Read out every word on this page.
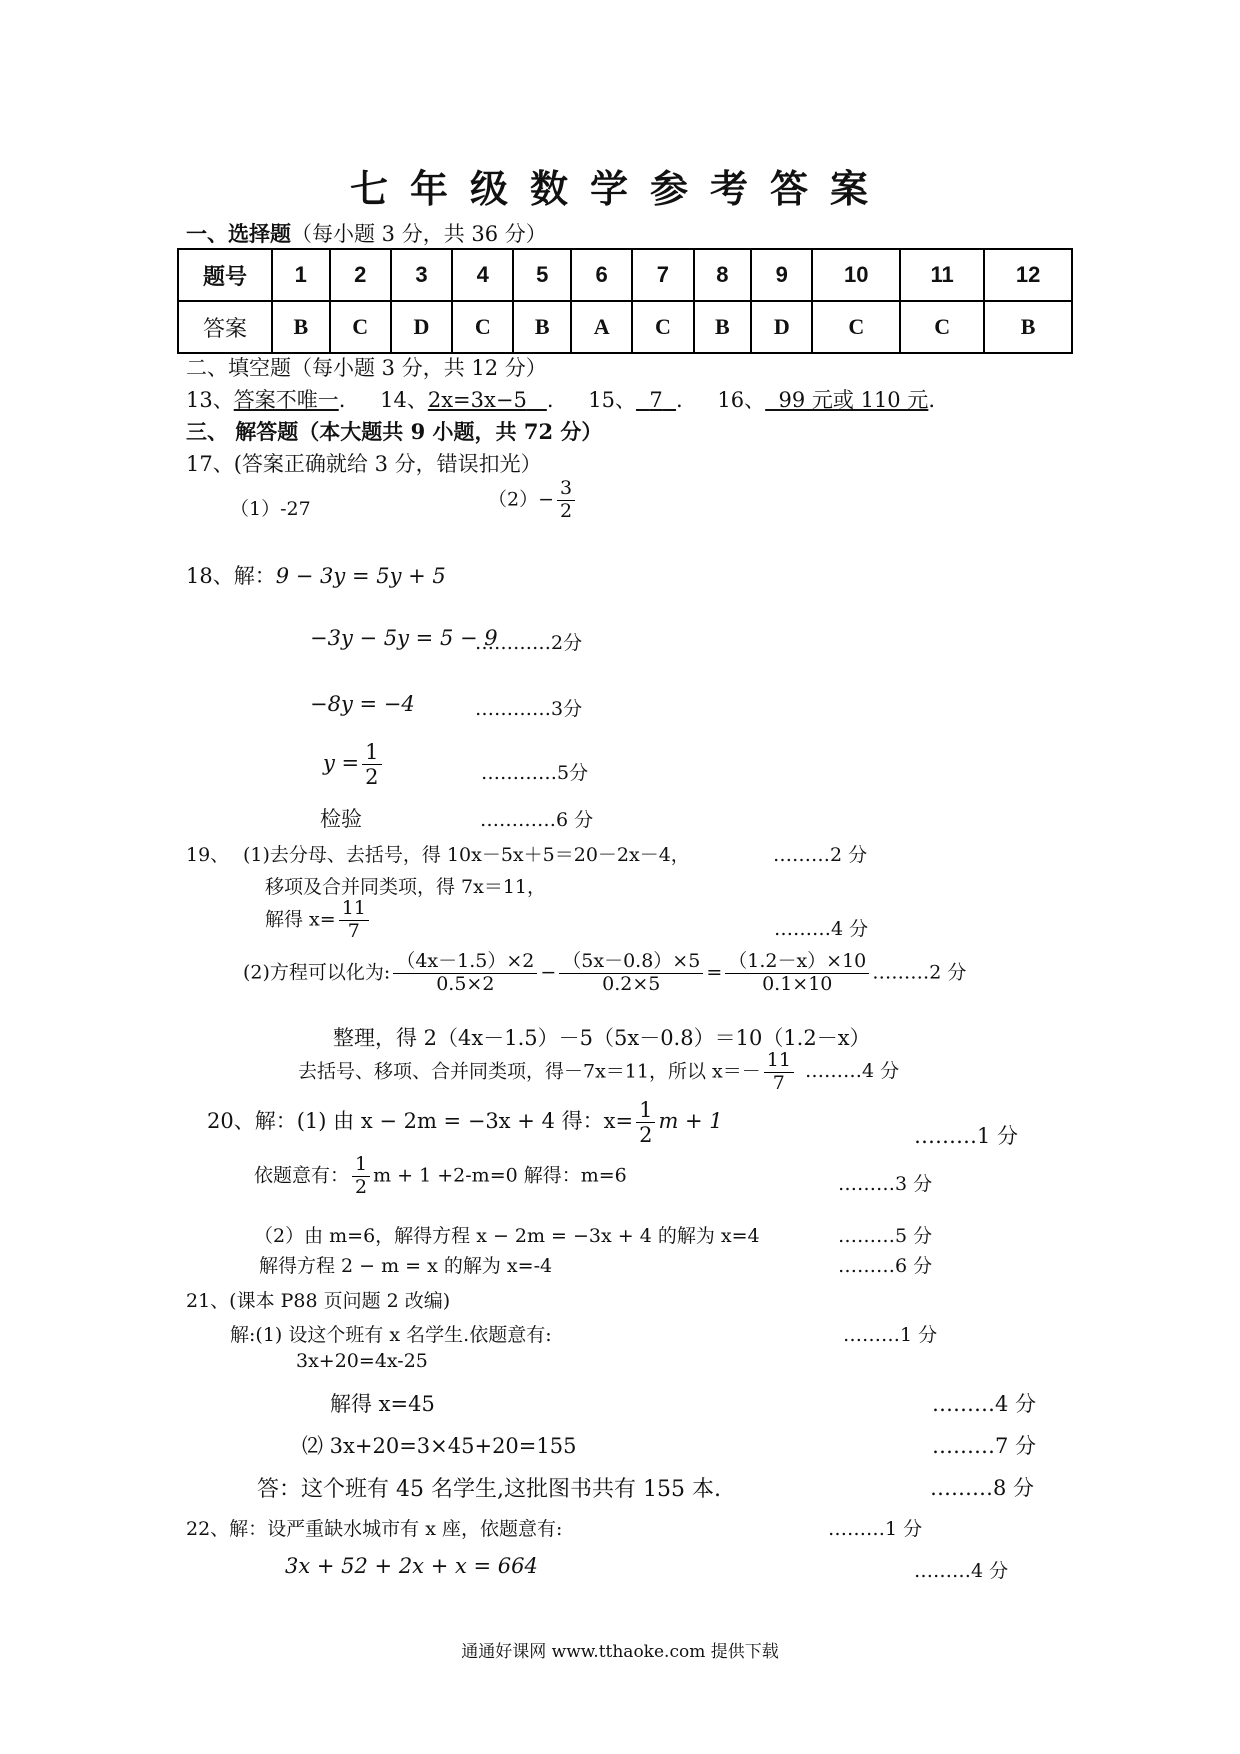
七年级数学参考答案
一、选择题（每小题 3 分，共 36 分）
题号	1	2	3	4	5	6	7	8	9	10	11	12
答案	B	C	D	C	B	A	C	B	D	C	C	B
二、填空题（每小题 3 分，共 12 分）
13、答案不唯一. 14、2x=3x−5 . 15、 7 . 16、 99 元或 110 元.
三、 解答题（本大题共 9 小题，共 72 分）
17、(答案正确就给 3 分，错误扣光）
（1）-27	$(2)- \frac{3}{2}$
18、解：9 − 3y = 5y + 5
−3y − 5y = 5 − 9
…………2分
−8y = −4	…………3分
$y = \frac{1}{2}$	…………5分
检验	…………6 分
19、 (1)去分母、去括号，得 10x－5x＋5＝20－2x－4，	………2 分
移项及合并同类项，得 7x＝11，
解得 $x= \frac{11}{7}$	………4 分
(2)方程可以化为: $\frac{(4x-1.5)\times 2}{0.5\times 2} - \frac{(5x-0.8)\times 5}{0.2\times 5} = \frac{(1.2-x)\times 10}{0.1\times 10}$ ………2 分
整理，得 2（4x－1.5）－5（5x－0.8）＝10（1.2－x）
去括号、移项、合并同类项，得－7x＝11，所以 $x=- \frac{11}{7}$ ………4 分
20、解：(1) 由 x − 2m = −3x + 4 得：$x= \frac{1}{2}$ m + 1
………1 分
依题意有： $\frac{1}{2}$ m + 1 +2-m=0 解得：m=6	………3 分
（2）由 m=6，解得方程 x − 2m = −3x + 4 的解为 x=4	………5 分
解得方程 2 − m = x 的解为 x=-4	………6 分
21、(课本 P88 页问题 2 改编)
解:(1) 设这个班有 x 名学生.依题意有:	………1 分
3x+20=4x-25
解得 x=45	………4 分
⑵ 3x+20=3×45+20=155	………7 分
答：这个班有 45 名学生,这批图书共有 155 本.	………8 分
22、解：设严重缺水城市有 x 座，依题意有:	………1 分
3x + 52 + 2x + x = 664	………4 分
通通好课网 www.tthaoke.com 提供下载
